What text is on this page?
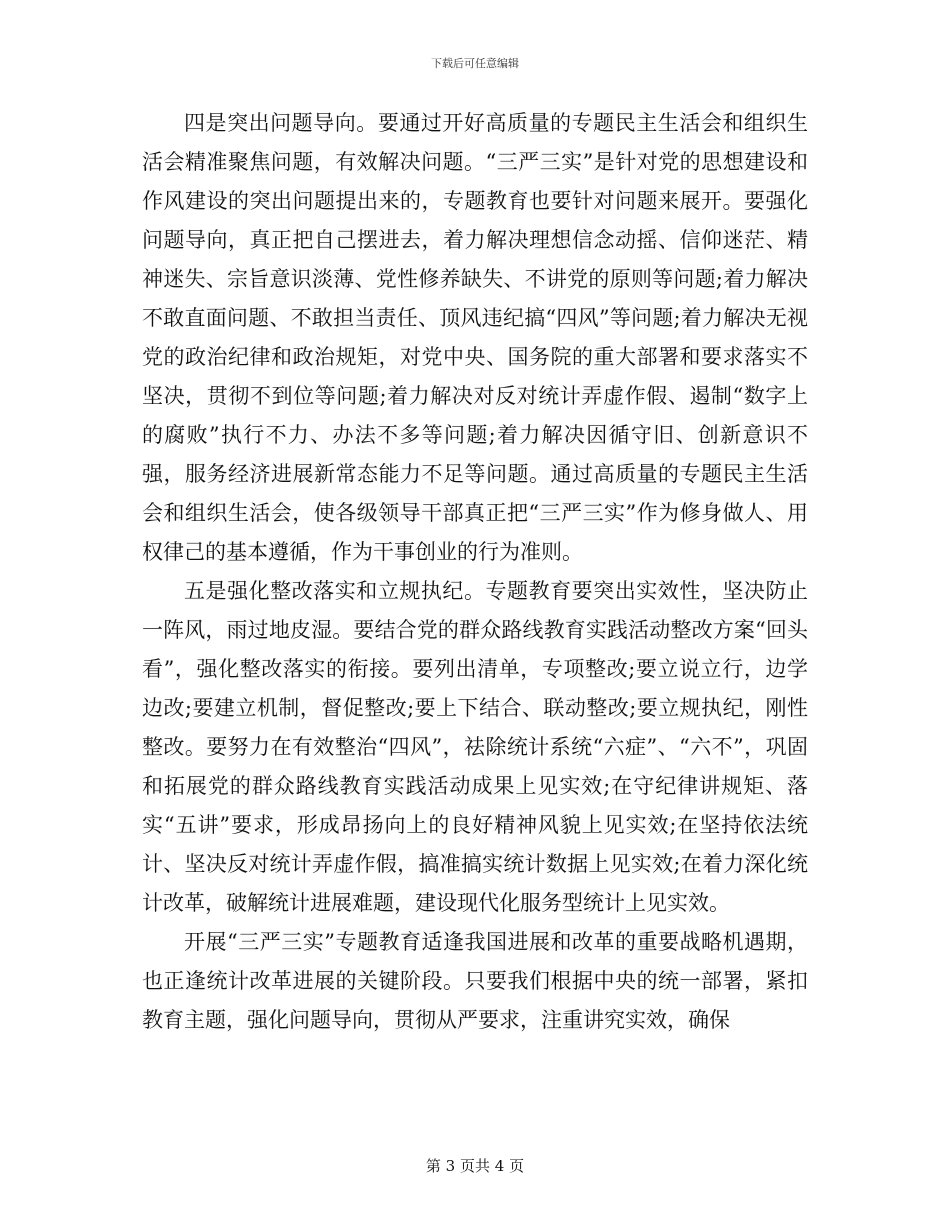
下载后可任意编辑

四是突出问题导向。要通过开好高质量的专题民主生活会和组织生活会精准聚焦问题，有效解决问题。“三严三实”是针对党的思想建设和作风建设的突出问题提出来的，专题教育也要针对问题来展开。要强化问题导向，真正把自己摆进去，着力解决理想信念动摇、信仰迷茫、精神迷失、宗旨意识淡薄、党性修养缺失、不讲党的原则等问题;着力解决不敢直面问题、不敢担当责任、顶风违纪搞“四风”等问题;着力解决无视党的政治纪律和政治规矩，对党中央、国务院的重大部署和要求落实不坚决，贯彻不到位等问题;着力解决对反对统计弄虚作假、遏制“数字上的腐败”执行不力、办法不多等问题;着力解决因循守旧、创新意识不强，服务经济进展新常态能力不足等问题。通过高质量的专题民主生活会和组织生活会，使各级领导干部真正把“三严三实”作为修身做人、用权律己的基本遵循，作为干事创业的行为准则。

五是强化整改落实和立规执纪。专题教育要突出实效性，坚决防止一阵风，雨过地皮湿。要结合党的群众路线教育实践活动整改方案“回头看”，强化整改落实的衔接。要列出清单，专项整改;要立说立行，边学边改;要建立机制，督促整改;要上下结合、联动整改;要立规执纪，刚性整改。要努力在有效整治“四风”，祛除统计系统“六症”、“六不”，巩固和拓展党的群众路线教育实践活动成果上见实效;在守纪律讲规矩、落实“五讲”要求，形成昂扬向上的良好精神风貌上见实效;在坚持依法统计、坚决反对统计弄虚作假，搞准搞实统计数据上见实效;在着力深化统计改革，破解统计进展难题，建设现代化服务型统计上见实效。

开展“三严三实”专题教育适逢我国进展和改革的重要战略机遇期，也正逢统计改革进展的关键阶段。只要我们根据中央的统一部署，紧扣教育主题，强化问题导向，贯彻从严要求，注重讲究实效，确保

第 3 页共 4 页
